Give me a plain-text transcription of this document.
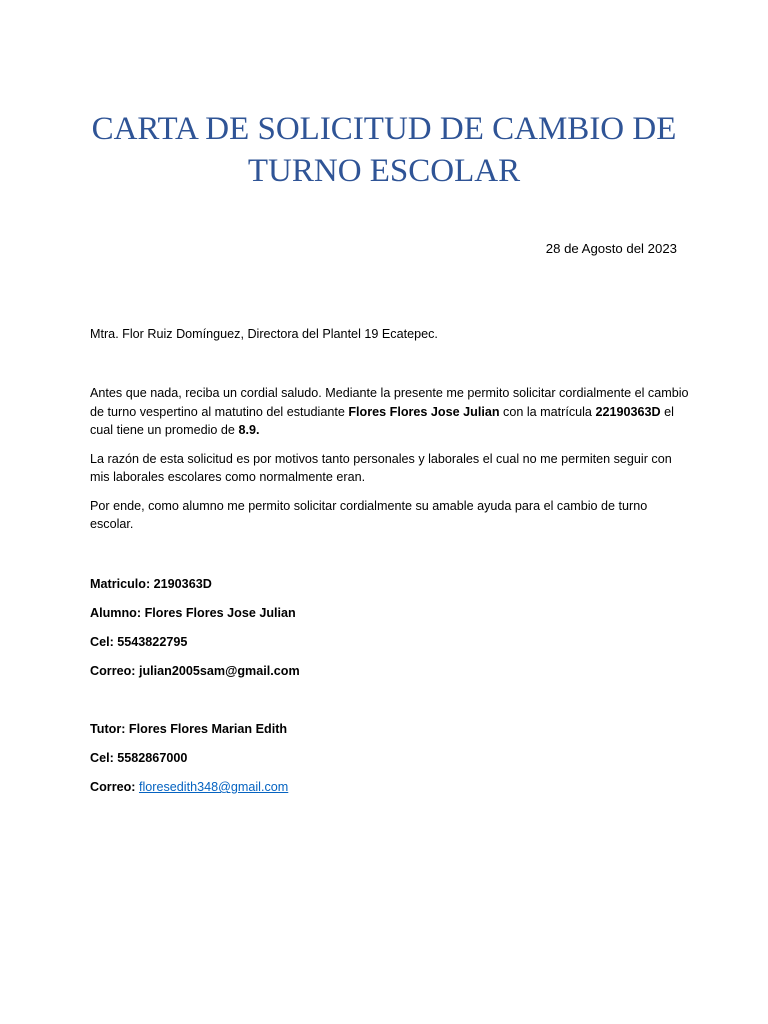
CARTA DE SOLICITUD DE CAMBIO DE
TURNO ESCOLAR
28 de Agosto del 2023

Mtra. Flor Ruiz Domínguez, Directora del Plantel 19 Ecatepec.

Antes que nada, reciba un cordial saludo. Mediante la presente me permito solicitar cordialmente el cambio de turno vespertino al matutino del estudiante Flores Flores Jose Julian con la matrícula 22190363D el cual tiene un promedio de 8.9.

La razón de esta solicitud es por motivos tanto personales y laborales el cual no me permiten seguir con mis laborales escolares como normalmente eran.

Por ende, como alumno me permito solicitar cordialmente su amable ayuda para el cambio de turno escolar.

Matriculo: 2190363D

Alumno: Flores Flores Jose Julian

Cel: 5543822795

Correo: julian2005sam@gmail.com

Tutor: Flores Flores Marian Edith

Cel: 5582867000

Correo: floresedith348@gmail.com
